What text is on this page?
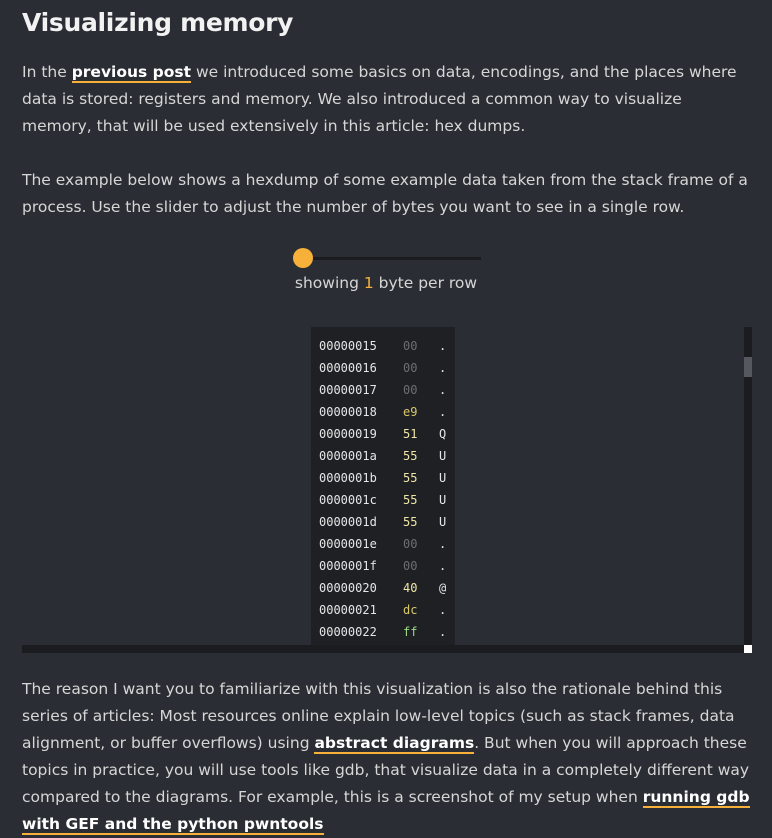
Visualizing memory

In the previous post we introduced some basics on data, encodings, and the places where data is stored: registers and memory. We also introduced a common way to visualize memory, that will be used extensively in this article: hex dumps.

The example below shows a hexdump of some example data taken from the stack frame of a process. Use the slider to adjust the number of bytes you want to see in a single row.

showing 1 byte per row
00000015 00 .
00000016 00 .
00000017 00 .
00000018 e9 .
00000019 51 Q
0000001a 55 U
0000001b 55 U
0000001c 55 U
0000001d 55 U
0000001e 00 .
0000001f 00 .
00000020 40 @
00000021 dc .
00000022 ff .

The reason I want you to familiarize with this visualization is also the rationale behind this series of articles: Most resources online explain low-level topics (such as stack frames, data alignment, or buffer overflows) using abstract diagrams. But when you will approach these topics in practice, you will use tools like gdb, that visualize data in a completely different way compared to the diagrams. For example, this is a screenshot of my setup when running gdb with GEF and the python pwntools
